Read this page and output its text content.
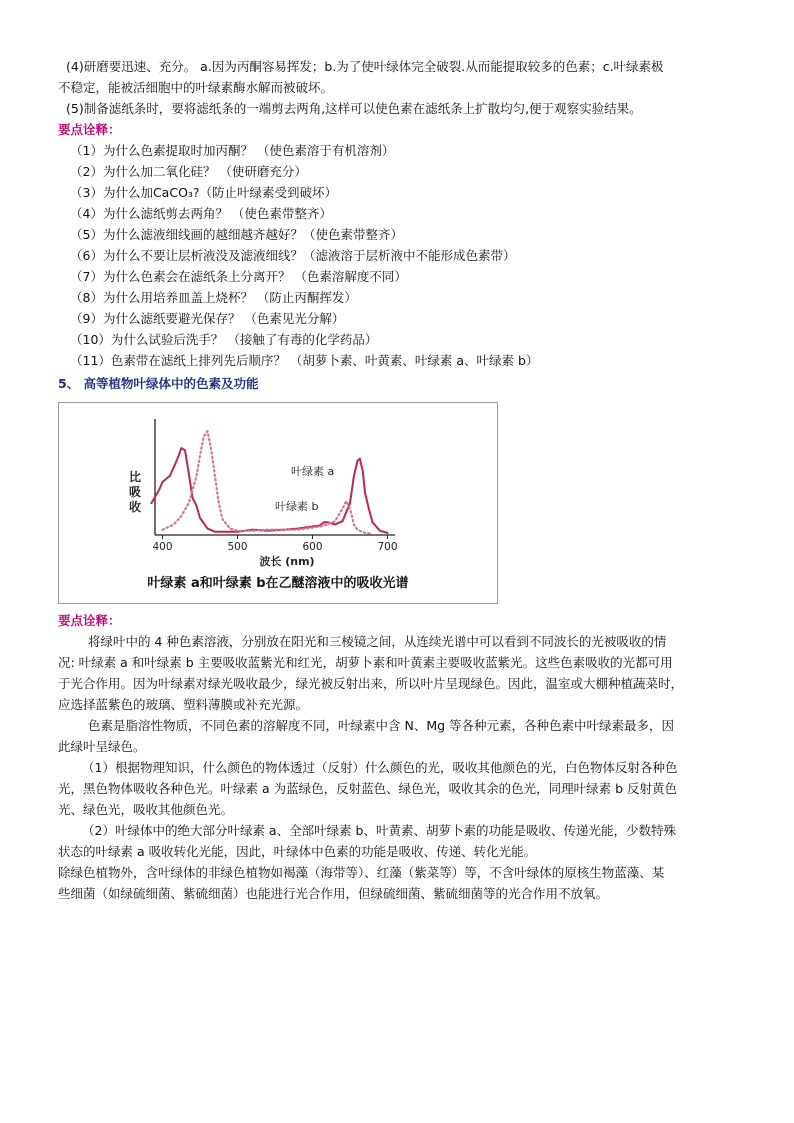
(4)研磨要迅速、充分。 a.因为丙酮容易挥发；b.为了使叶绿体完全破裂.从而能提取较多的色素；c.叶绿素极
不稳定，能被活细胞中的叶绿素酶水解而被破坏。
(5)制备滤纸条时，要将滤纸条的一端剪去两角,这样可以使色素在滤纸条上扩散均匀,便于观察实验结果。
要点诠释：
（1）为什么色素提取时加丙酮？ （使色素溶于有机溶剂）
（2）为什么加二氧化硅？ （使研磨充分）
（3）为什么加CaCO₃?（防止叶绿素受到破坏）
（4）为什么滤纸剪去两角？ （使色素带整齐）
（5）为什么滤液细线画的越细越齐越好？（使色素带整齐）
（6）为什么不要让层析液没及滤液细线？（滤液溶于层析液中不能形成色素带）
（7）为什么色素会在滤纸条上分离开？ （色素溶解度不同）
（8）为什么用培养皿盖上烧杯？ （防止丙酮挥发）
（9）为什么滤纸要避光保存？ （色素见光分解）
（10）为什么试验后洗手？ （接触了有毒的化学药品）
（11）色素带在滤纸上排列先后顺序？ （胡萝卜素、叶黄素、叶绿素 a、叶绿素 b）
5、 高等植物叶绿体中的色素及功能
400	500	600	700
比
吸
收
波长 (nm)
叶绿素 a
叶绿素 b
叶绿素 a和叶绿素 b在乙醚溶液中的吸收光谱
要点诠释：
将绿叶中的 4 种色素溶液，分别放在阳光和三棱镜之间，从连续光谱中可以看到不同波长的光被吸收的情
况: 叶绿素 a 和叶绿素 b 主要吸收蓝紫光和红光，胡萝卜素和叶黄素主要吸收蓝紫光。这些色素吸收的光都可用
于光合作用。因为叶绿素对绿光吸收最少，绿光被反射出来，所以叶片呈现绿色。因此，温室或大棚种植蔬菜时，
应选择蓝紫色的玻璃、塑料薄膜或补充光源。
色素是脂溶性物质，不同色素的溶解度不同，叶绿素中含 N、Mg 等各种元素，各种色素中叶绿素最多，因
此绿叶呈绿色。
（1）根据物理知识，什么颜色的物体透过（反射）什么颜色的光，吸收其他颜色的光，白色物体反射各种色
光，黑色物体吸收各种色光。叶绿素 a 为蓝绿色，反射蓝色、绿色光，吸收其余的色光，同理叶绿素 b 反射黄色
光、绿色光，吸收其他颜色光。
（2）叶绿体中的绝大部分叶绿素 a、全部叶绿素 b、叶黄素、胡萝卜素的功能是吸收、传递光能，少数特殊
状态的叶绿素 a 吸收转化光能，因此，叶绿体中色素的功能是吸收、传递、转化光能。
除绿色植物外，含叶绿体的非绿色植物如褐藻（海带等）、红藻（紫菜等）等，不含叶绿体的原核生物蓝藻、某
些细菌（如绿硫细菌、紫硫细菌）也能进行光合作用，但绿硫细菌、紫硫细菌等的光合作用不放氧。
